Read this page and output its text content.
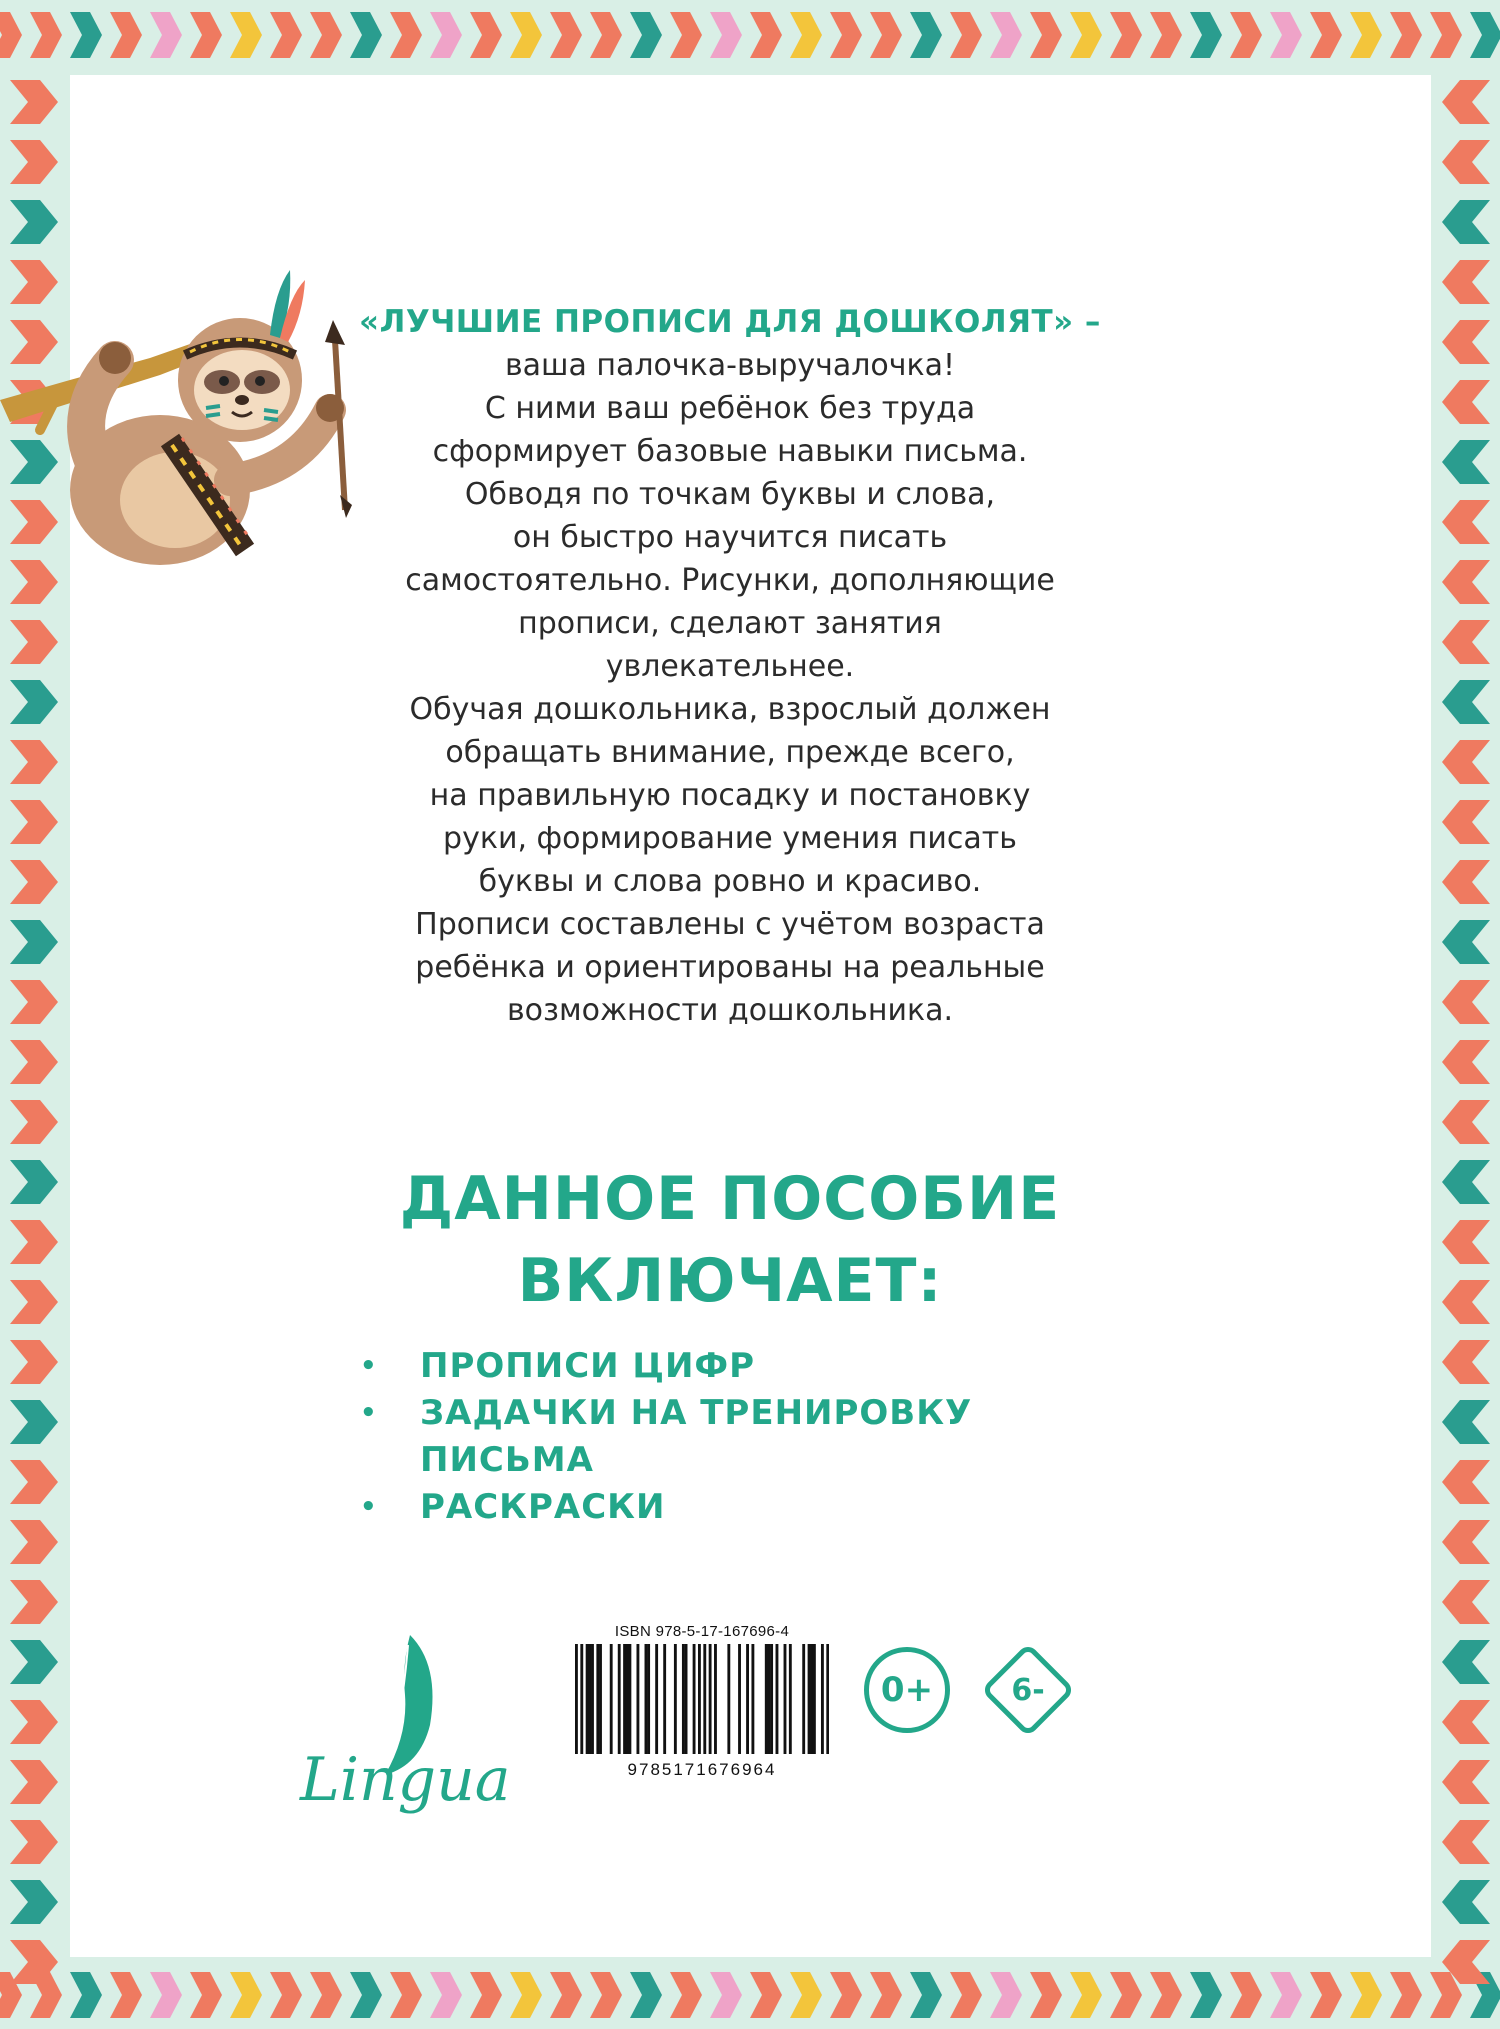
«ЛУЧШИЕ ПРОПИСИ ДЛЯ ДОШКОЛЯТ» –
ваша палочка-выручалочка!
С ними ваш ребёнок без труда
сформирует базовые навыки письма.
Обводя по точкам буквы и слова,
он быстро научится писать
самостоятельно. Рисунки, дополняющие
прописи, сделают занятия
увлекательнее.
Обучая дошкольника, взрослый должен
обращать внимание, прежде всего,
на правильную посадку и постановку
руки, формирование умения писать
буквы и слова ровно и красиво.
Прописи составлены с учётом возраста
ребёнка и ориентированы на реальные
возможности дошкольника.
ДАННОЕ ПОСОБИЕ
ВКЛЮЧАЕТ:
• ПРОПИСИ ЦИФР
• ЗАДАЧКИ НА ТРЕНИРОВКУ ПИСЬМА
• РАСКРАСКИ
Lingua
ISBN 978-5-17-167696-4
9785171676964
0+	6-
